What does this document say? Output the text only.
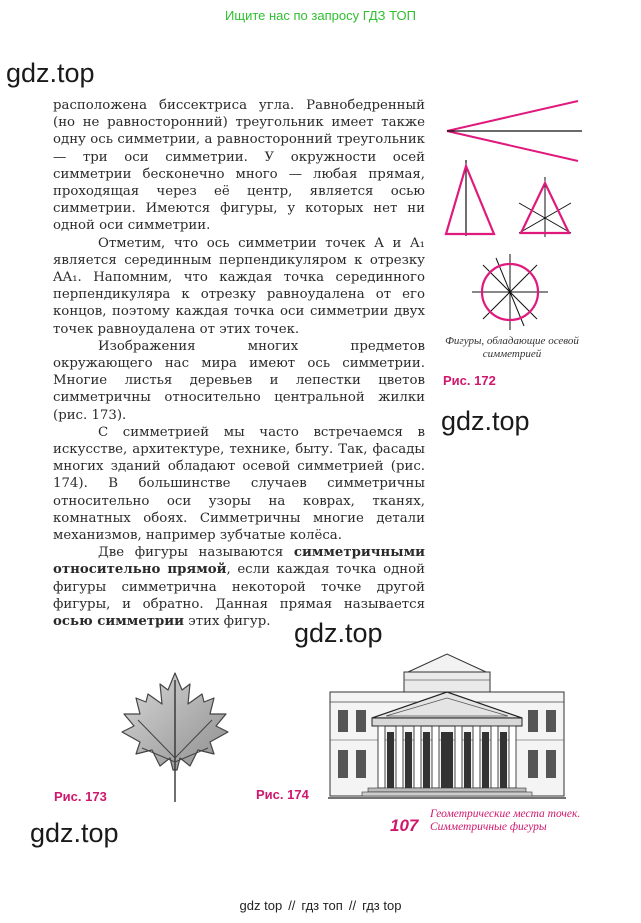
Ищите нас по запросу ГДЗ ТОП
gdz.top
gdz.top
gdz.top
gdz.top

расположена биссектриса угла. Равнобедренный (но не равносторонний) треугольник имеет также одну ось симметрии, а равносторонний треугольник — три оси симметрии. У окружности осей симметрии бесконечно много — любая прямая, проходящая через её центр, является осью симметрии. Имеются фигуры, у которых нет ни одной оси симметрии.

Отметим, что ось симметрии точек A и A₁ является серединным перпендикуляром к отрезку AA₁. Напомним, что каждая точка серединного перпендикуляра к отрезку равноудалена от его концов, поэтому каждая точка оси симметрии двух точек равноудалена от этих точек.

Изображения многих предметов окружающего нас мира имеют ось симметрии. Многие листья деревьев и лепестки цветов симметричны относительно центральной жилки (рис. 173).

С симметрией мы часто встречаемся в искусстве, архитектуре, технике, быту. Так, фасады многих зданий обладают осевой симметрией (рис. 174). В большинстве случаев симметричны относительно оси узоры на коврах, тканях, комнатных обоях. Симметричны многие детали механизмов, например зубчатые колёса.

Две фигуры называются симметричными относительно прямой, если каждая точка одной фигуры симметрична некоторой точке другой фигуры, и обратно. Данная прямая называется осью симметрии этих фигур.

Фигуры, обладающие осевой симметрией
Рис. 172
Рис. 173	Рис. 174
107
Геометрические места точек. Симметричные фигуры
gdz top // гдз топ // гдз top
